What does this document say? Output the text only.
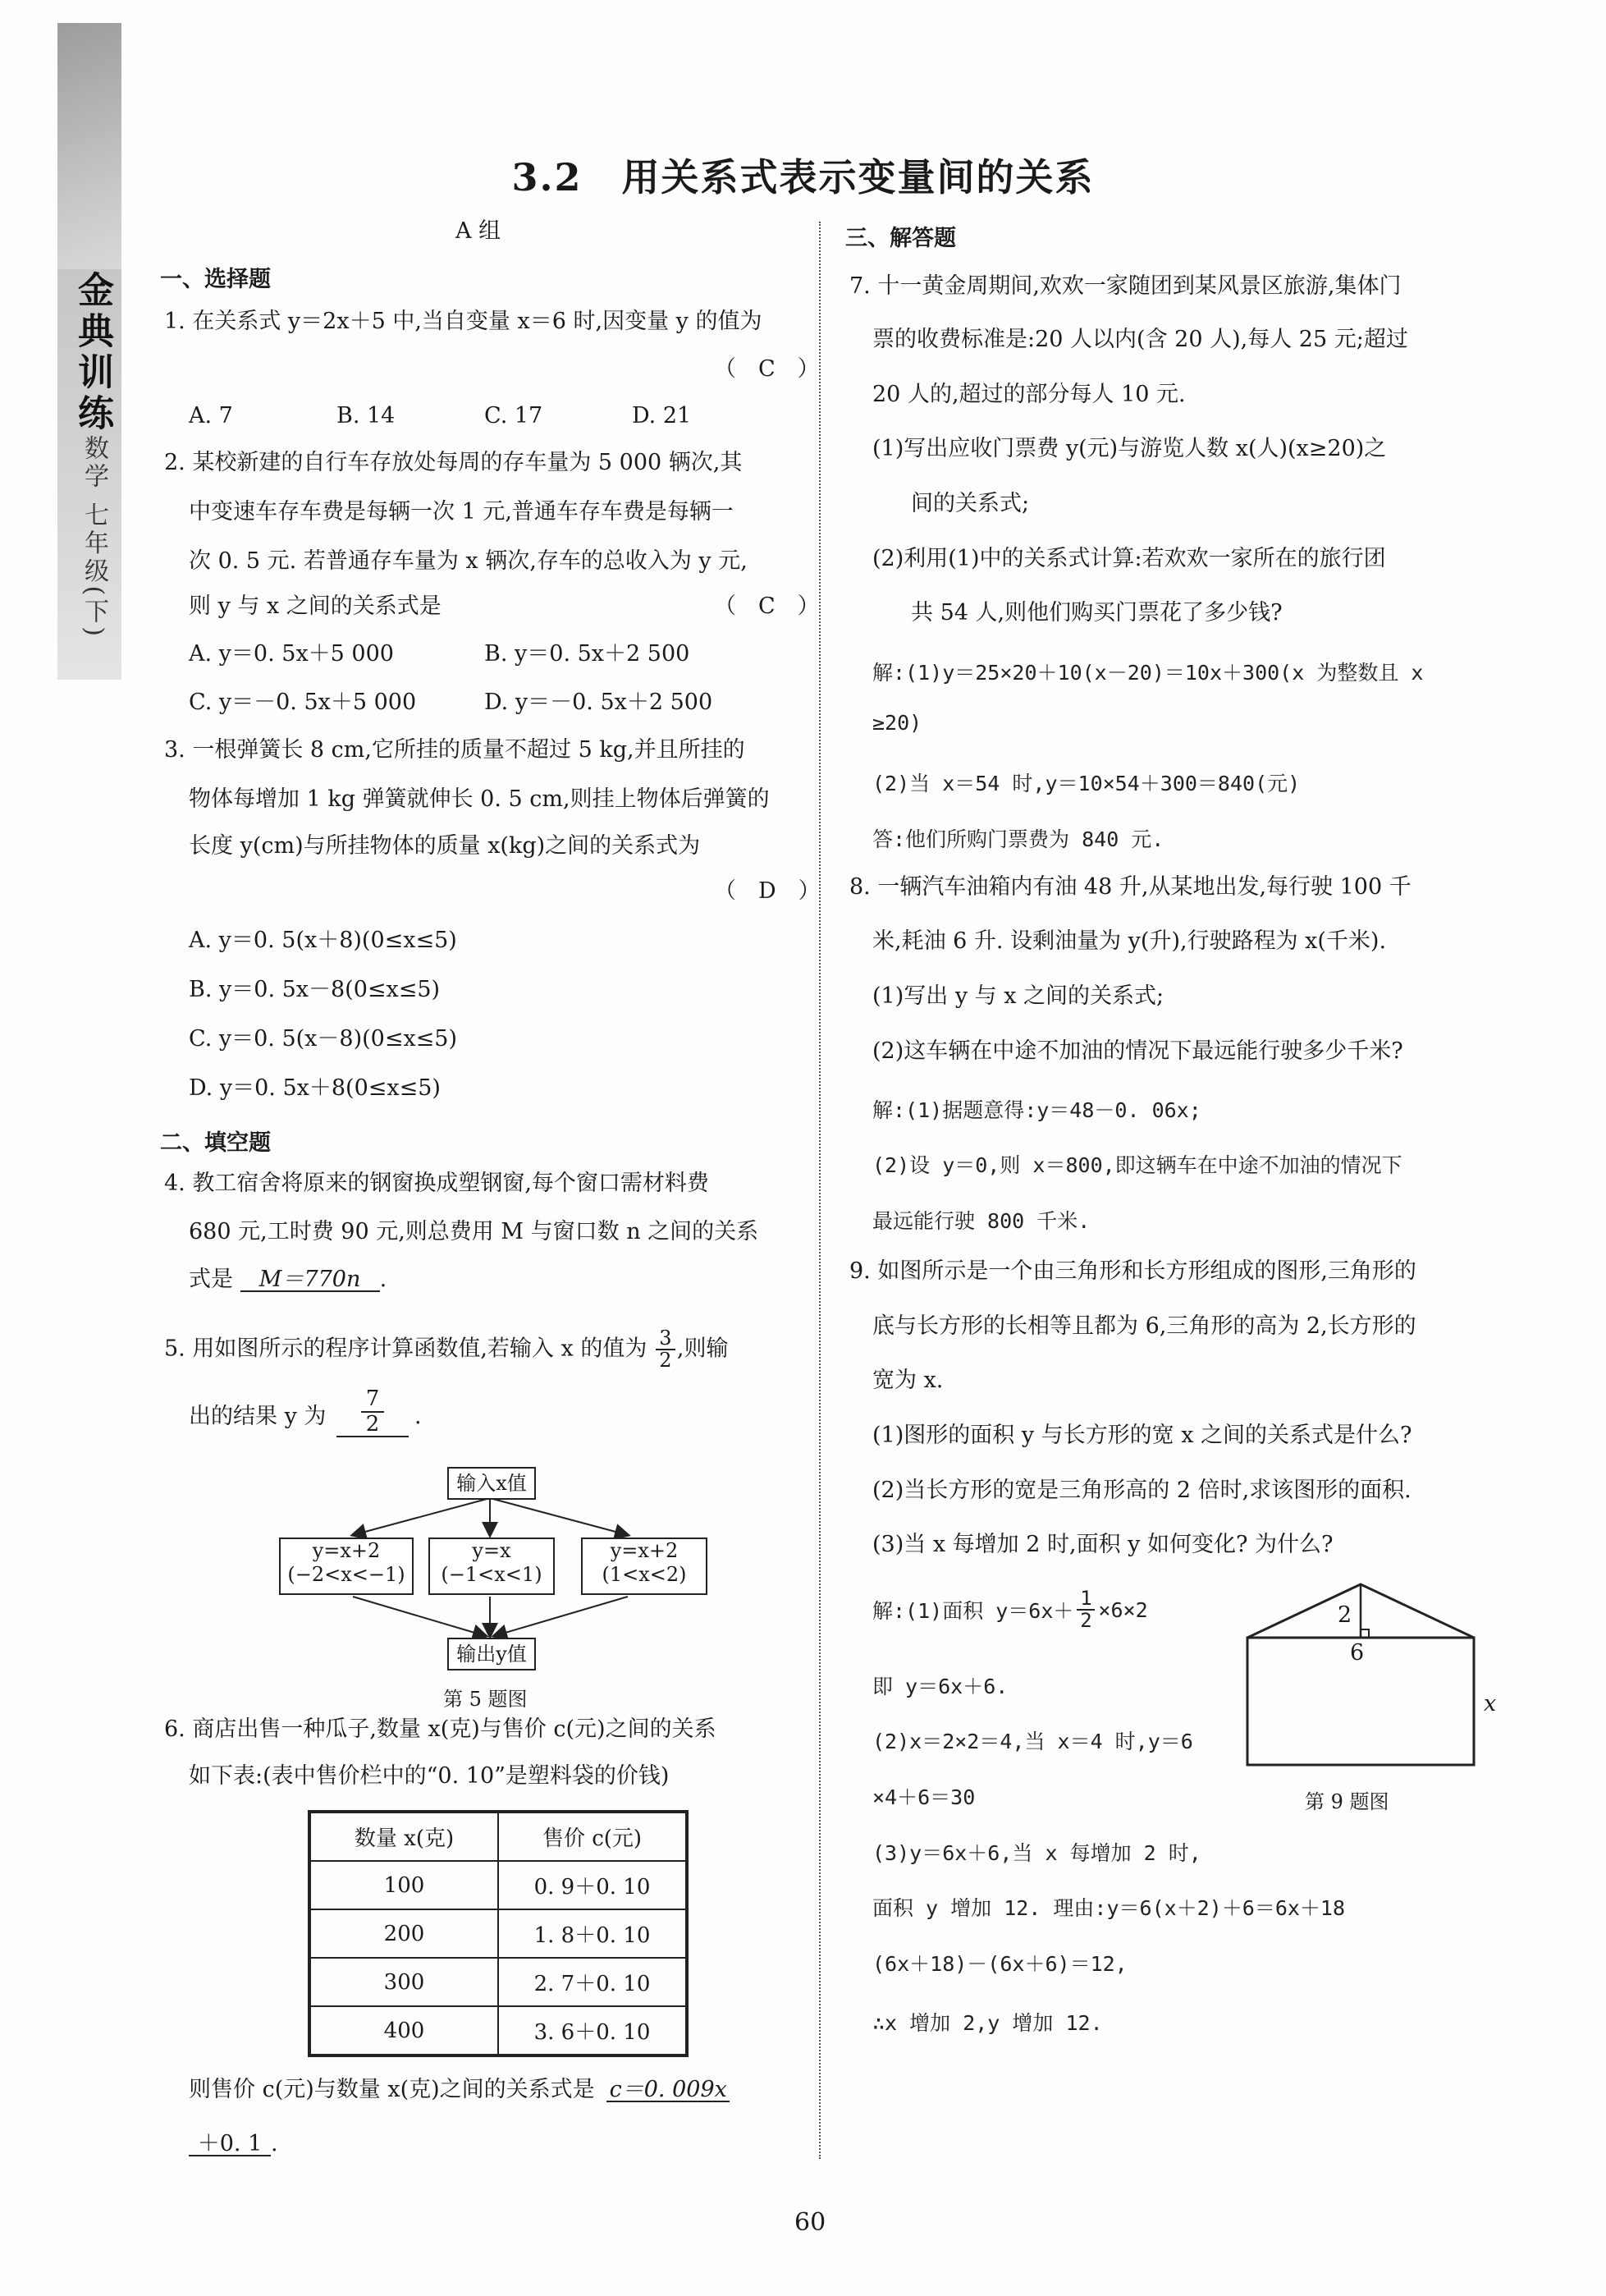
金典训练
数学 七年级(下)
3.2　用关系式表示变量间的关系
A 组
一、选择题
1. 在关系式 y＝2x＋5 中,当自变量 x＝6 时,因变量 y 的值为
（　C　）
A. 7	B. 14	C. 17	D. 21
2. 某校新建的自行车存放处每周的存车量为 5 000 辆次,其
中变速车存车费是每辆一次 1 元,普通车存车费是每辆一
次 0. 5 元. 若普通存车量为 x 辆次,存车的总收入为 y 元,
则 y 与 x 之间的关系式是	（　C　）
A. y＝0. 5x＋5 000	B. y＝0. 5x＋2 500
C. y＝－0. 5x＋5 000	D. y＝－0. 5x＋2 500
3. 一根弹簧长 8 cm,它所挂的质量不超过 5 kg,并且所挂的
物体每增加 1 kg 弹簧就伸长 0. 5 cm,则挂上物体后弹簧的
长度 y(cm)与所挂物体的质量 x(kg)之间的关系式为
（　D　）
A. y＝0. 5(x＋8)(0≤x≤5)
B. y＝0. 5x－8(0≤x≤5)
C. y＝0. 5(x－8)(0≤x≤5)
D. y＝0. 5x＋8(0≤x≤5)
二、填空题
4. 教工宿舍将原来的钢窗换成塑钢窗,每个窗口需材料费
680 元,工时费 90 元,则总费用 M 与窗口数 n 之间的关系
式是 M＝770n .
5. 用如图所示的程序计算函数值,若输入 x 的值为 $\frac{3}{2}$ ,则输
出的结果 y 为 $\frac{7}{2}$ .
输入x值
y=x+2
(−2<x<−1)
y=x
(−1<x<1)
y=x+2
(1<x<2)
输出y值
第 5 题图
6. 商店出售一种瓜子,数量 x(克)与售价 c(元)之间的关系
如下表:(表中售价栏中的“0. 10”是塑料袋的价钱)
数量 x(克)	售价 c(元)
100	0. 9＋0. 10
200	1. 8＋0. 10
300	2. 7＋0. 10
400	3. 6＋0. 10
则售价 c(元)与数量 x(克)之间的关系式是 c＝0. 009x
＋0. 1 .
三、解答题
7. 十一黄金周期间,欢欢一家随团到某风景区旅游,集体门
票的收费标准是:20 人以内(含 20 人),每人 25 元;超过
20 人的,超过的部分每人 10 元.
(1)写出应收门票费 y(元)与游览人数 x(人)(x≥20)之
间的关系式;
(2)利用(1)中的关系式计算:若欢欢一家所在的旅行团
共 54 人,则他们购买门票花了多少钱?
解:(1)y＝25×20＋10(x－20)＝10x＋300(x 为整数且 x
≥20)
(2)当 x＝54 时,y＝10×54＋300＝840(元)
答:他们所购门票费为 840 元.
8. 一辆汽车油箱内有油 48 升,从某地出发,每行驶 100 千
米,耗油 6 升. 设剩油量为 y(升),行驶路程为 x(千米).
(1)写出 y 与 x 之间的关系式;
(2)这车辆在中途不加油的情况下最远能行驶多少千米?
解:(1)据题意得:y＝48－0. 06x;
(2)设 y＝0,则 x＝800,即这辆车在中途不加油的情况下
最远能行驶 800 千米.
9. 如图所示是一个由三角形和长方形组成的图形,三角形的
底与长方形的长相等且都为 6,三角形的高为 2,长方形的
宽为 x.
(1)图形的面积 y 与长方形的宽 x 之间的关系式是什么?
(2)当长方形的宽是三角形高的 2 倍时,求该图形的面积.
(3)当 x 每增加 2 时,面积 y 如何变化? 为什么?
解:(1)面积 $y=6x+ \frac{1}{2} \times 6\times 2$
即 y＝6x＋6.
(2)x＝2×2＝4,当 x＝4 时,y＝6
×4＋6＝30
(3)y＝6x＋6,当 x 每增加 2 时,
面积 y 增加 12. 理由:y＝6(x＋2)＋6＝6x＋18
(6x＋18)－(6x＋6)＝12,
∴x 增加 2,y 增加 12.
2
6
x
第 9 题图
60
